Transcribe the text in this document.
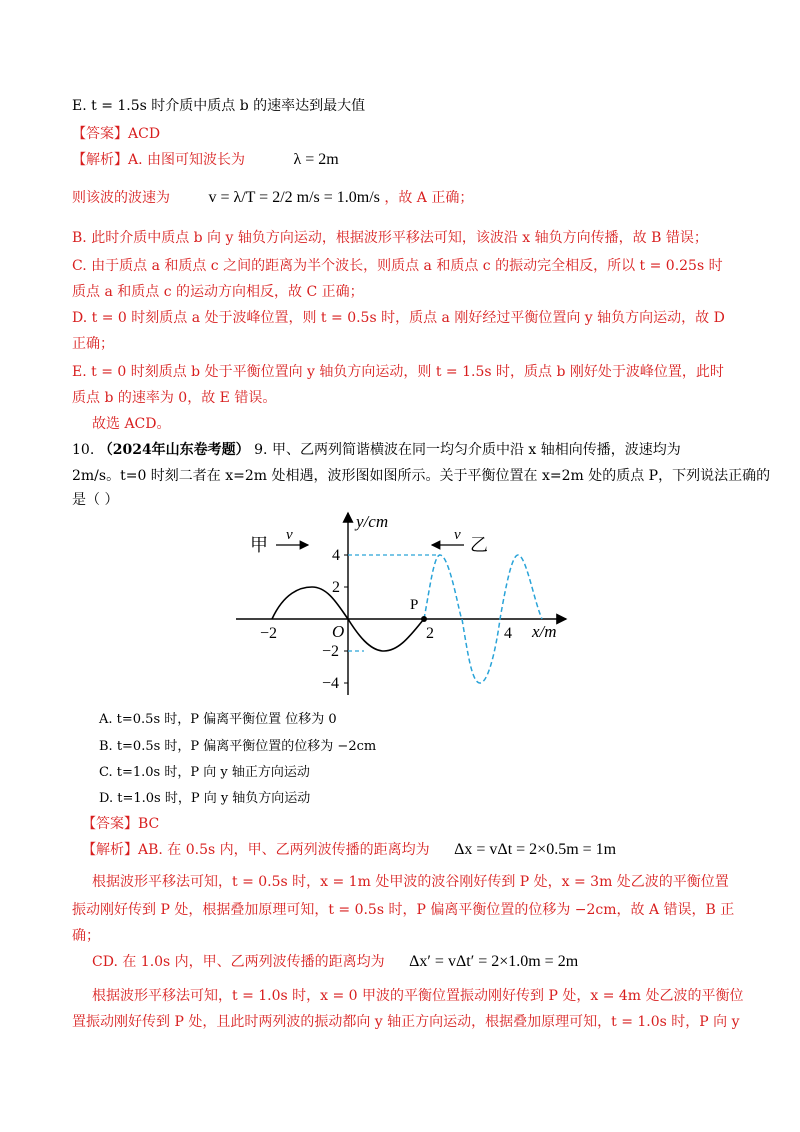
E. t = 1.5s 时介质中质点 b 的速率达到最大值
【答案】ACD
【解析】A. 由图可知波长为	λ = 2m
则该波的波速为 v = λ/T = 2/2 m/s = 1.0m/s ，故 A 正确；
B. 此时介质中质点 b 向 y 轴负方向运动，根据波形平移法可知，该波沿 x 轴负方向传播，故 B 错误；
C. 由于质点 a 和质点 c 之间的距离为半个波长，则质点 a 和质点 c 的振动完全相反，所以 t = 0.25s 时
质点 a 和质点 c 的运动方向相反，故 C 正确；
D. t = 0 时刻质点 a 处于波峰位置，则 t = 0.5s 时，质点 a 刚好经过平衡位置向 y 轴负方向运动，故 D
正确；
E. t = 0 时刻质点 b 处于平衡位置向 y 轴负方向运动，则 t = 1.5s 时，质点 b 刚好处于波峰位置，此时
质点 b 的速率为 0，故 E 错误。
故选 ACD。
10. （2024年山东卷考题） 9. 甲、乙两列简谐横波在同一均匀介质中沿 x 轴相向传播，波速均为
2m/s。t=0 时刻二者在 x=2m 处相遇，波形图如图所示。关于平衡位置在 x=2m 处的质点 P，下列说法正确的
是（ ）
y/cm
x/m
4
2
−2
−4
O
−2	2	4
P
甲 v	v 乙
A. t=0.5s 时，P 偏离平衡位置 位移为 0
B. t=0.5s 时，P 偏离平衡位置的位移为 −2cm
C. t=1.0s 时，P 向 y 轴正方向运动
D. t=1.0s 时，P 向 y 轴负方向运动
【答案】BC
【解析】AB. 在 0.5s 内，甲、乙两列波传播的距离均为 Δx = vΔt = 2×0.5m = 1m
根据波形平移法可知，t = 0.5s 时，x = 1m 处甲波的波谷刚好传到 P 处，x = 3m 处乙波的平衡位置
振动刚好传到 P 处，根据叠加原理可知，t = 0.5s 时，P 偏离平衡位置的位移为 −2cm，故 A 错误，B 正
确；
CD. 在 1.0s 内，甲、乙两列波传播的距离均为 Δx′ = vΔt′ = 2×1.0m = 2m
根据波形平移法可知，t = 1.0s 时，x = 0 甲波的平衡位置振动刚好传到 P 处，x = 4m 处乙波的平衡位
置振动刚好传到 P 处，且此时两列波的振动都向 y 轴正方向运动，根据叠加原理可知，t = 1.0s 时，P 向 y
